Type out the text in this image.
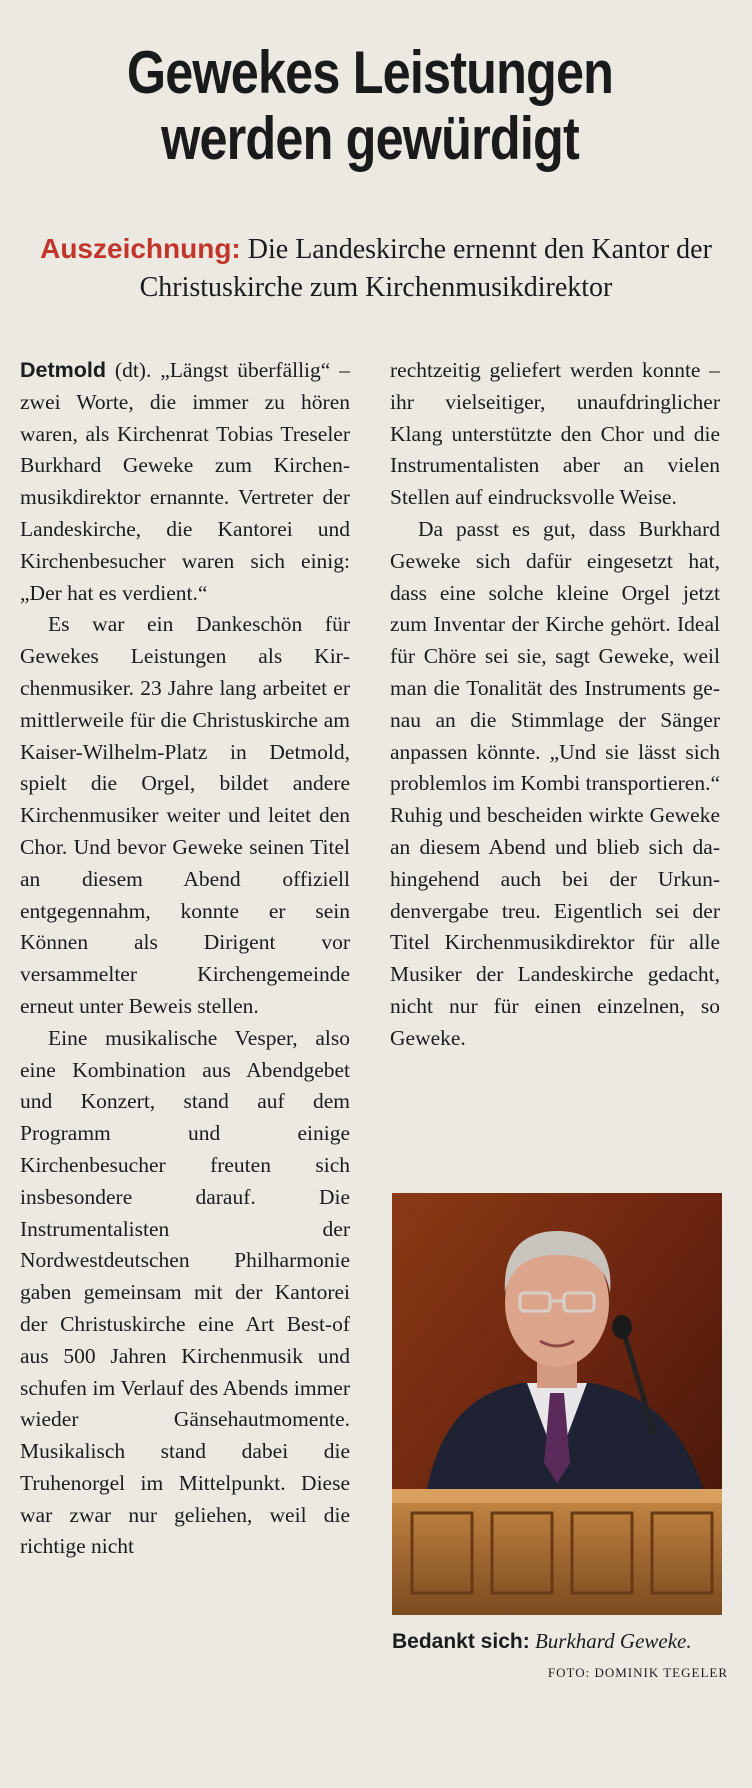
Gewekes Leistungen
werden gewürdigt
Auszeichnung: Die Landeskirche ernennt den Kantor der Christuskirche zum Kirchenmusikdirektor

Detmold (dt). „Längst überfällig“ – zwei Worte, die immer zu hören waren, als Kirchenrat Tobias Treseler Burkhard Geweke zum Kirchenmusikdirektor ernannte. Vertreter der Landeskirche, die Kantorei und Kirchenbesucher waren sich einig: „Der hat es verdient.“

Es war ein Dankeschön für Gewekes Leistungen als Kirchenmusiker. 23 Jahre lang arbeitet er mittlerweile für die Christuskirche am Kaiser-Wilhelm-Platz in Detmold, spielt die Orgel, bildet andere Kirchenmusiker weiter und leitet den Chor. Und bevor Geweke seinen Titel an diesem Abend offiziell entgegennahm, konnte er sein Können als Dirigent vor versammelter Kirchengemeinde erneut unter Beweis stellen.

Eine musikalische Vesper, also eine Kombination aus Abendgebet und Konzert, stand auf dem Programm und einige Kirchenbesucher freuten sich insbesondere darauf. Die Instrumentalisten der Nordwestdeutschen Philharmonie gaben gemeinsam mit der Kantorei der Christuskirche eine Art Best-of aus 500 Jahren Kirchenmusik und schufen im Verlauf des Abends immer wieder Gänsehautmomente. Musikalisch stand dabei die Truhenorgel im Mittelpunkt. Diese war zwar nur geliehen, weil die richtige nicht

rechtzeitig geliefert werden konnte – ihr vielseitiger, unaufdringlicher Klang unterstützte den Chor und die Instrumentalisten aber an vielen Stellen auf eindrucksvolle Weise.

Da passt es gut, dass Burkhard Geweke sich dafür eingesetzt hat, dass eine solche kleine Orgel jetzt zum Inventar der Kirche gehört. Ideal für Chöre sei sie, sagt Geweke, weil man die Tonalität des Instruments genau an die Stimmlage der Sänger anpassen könnte. „Und sie lässt sich problemlos im Kombi transportieren.“ Ruhig und bescheiden wirkte Geweke an diesem Abend und blieb sich dahingehend auch bei der Urkundenvergabe treu. Eigentlich sei der Titel Kirchenmusikdirektor für alle Musiker der Landeskirche gedacht, nicht nur für einen einzelnen, so Geweke.

Bedankt sich: Burkhard Geweke.
FOTO: DOMINIK TEGELER
